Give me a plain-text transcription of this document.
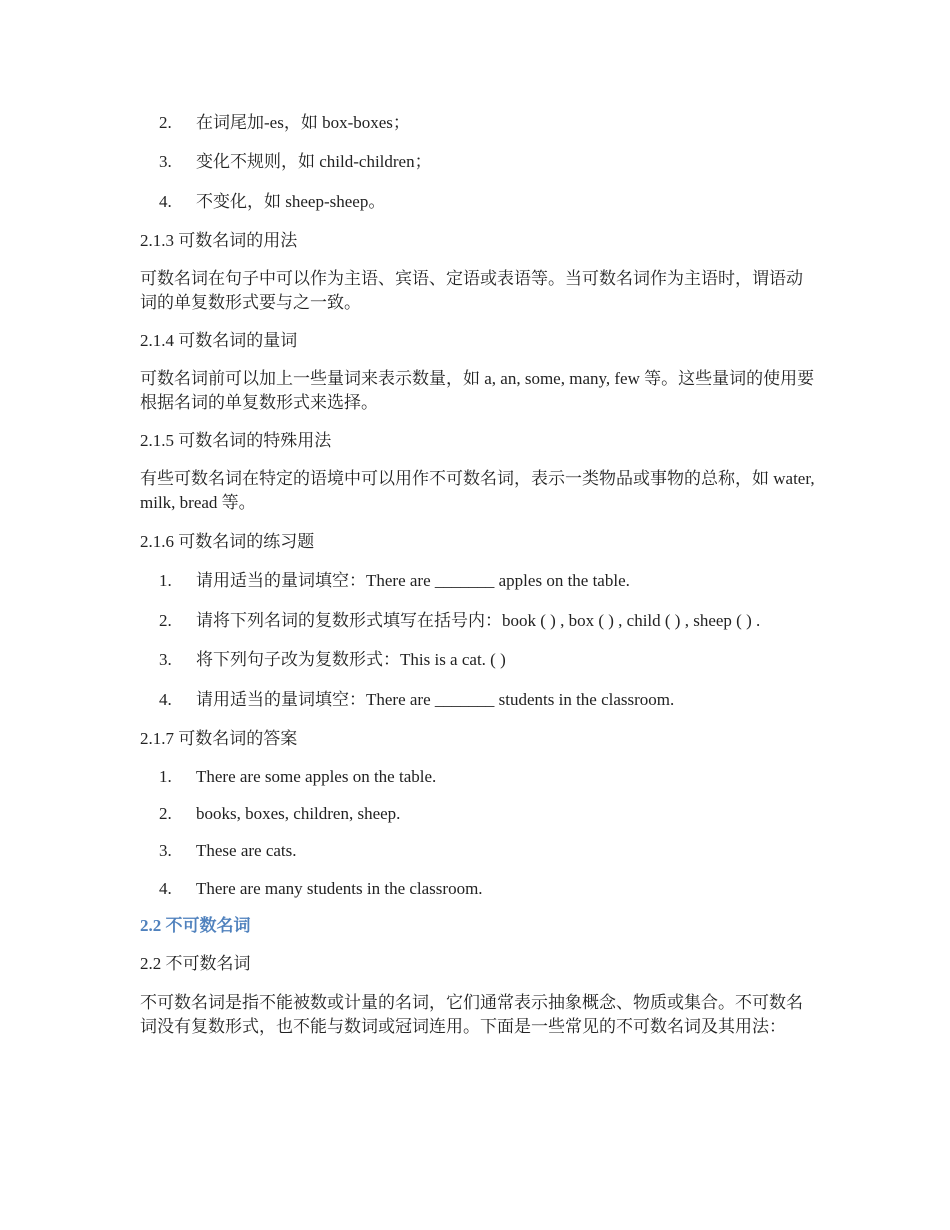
2. 在词尾加-es，如 box-boxes；
3. 变化不规则，如 child-children；
4. 不变化，如 sheep-sheep。
2.1.3 可数名词的用法
可数名词在句子中可以作为主语、宾语、定语或表语等。当可数名词作为主语时，谓语动词的单复数形式要与之一致。
2.1.4 可数名词的量词
可数名词前可以加上一些量词来表示数量，如 a, an, some, many, few 等。这些量词的使用要根据名词的单复数形式来选择。
2.1.5 可数名词的特殊用法
有些可数名词在特定的语境中可以用作不可数名词，表示一类物品或事物的总称，如 water, milk, bread 等。
2.1.6 可数名词的练习题
1. 请用适当的量词填空：There are _______ apples on the table.
2. 请将下列名词的复数形式填写在括号内：book ( ) , box ( ) , child ( ) , sheep ( ) .
3. 将下列句子改为复数形式：This is a cat. ( )
4. 请用适当的量词填空：There are _______ students in the classroom.
2.1.7 可数名词的答案
1. There are some apples on the table.
2. books, boxes, children, sheep.
3. These are cats.
4. There are many students in the classroom.
2.2 不可数名词
2.2 不可数名词
不可数名词是指不能被数或计量的名词，它们通常表示抽象概念、物质或集合。不可数名词没有复数形式，也不能与数词或冠词连用。下面是一些常见的不可数名词及其用法：
